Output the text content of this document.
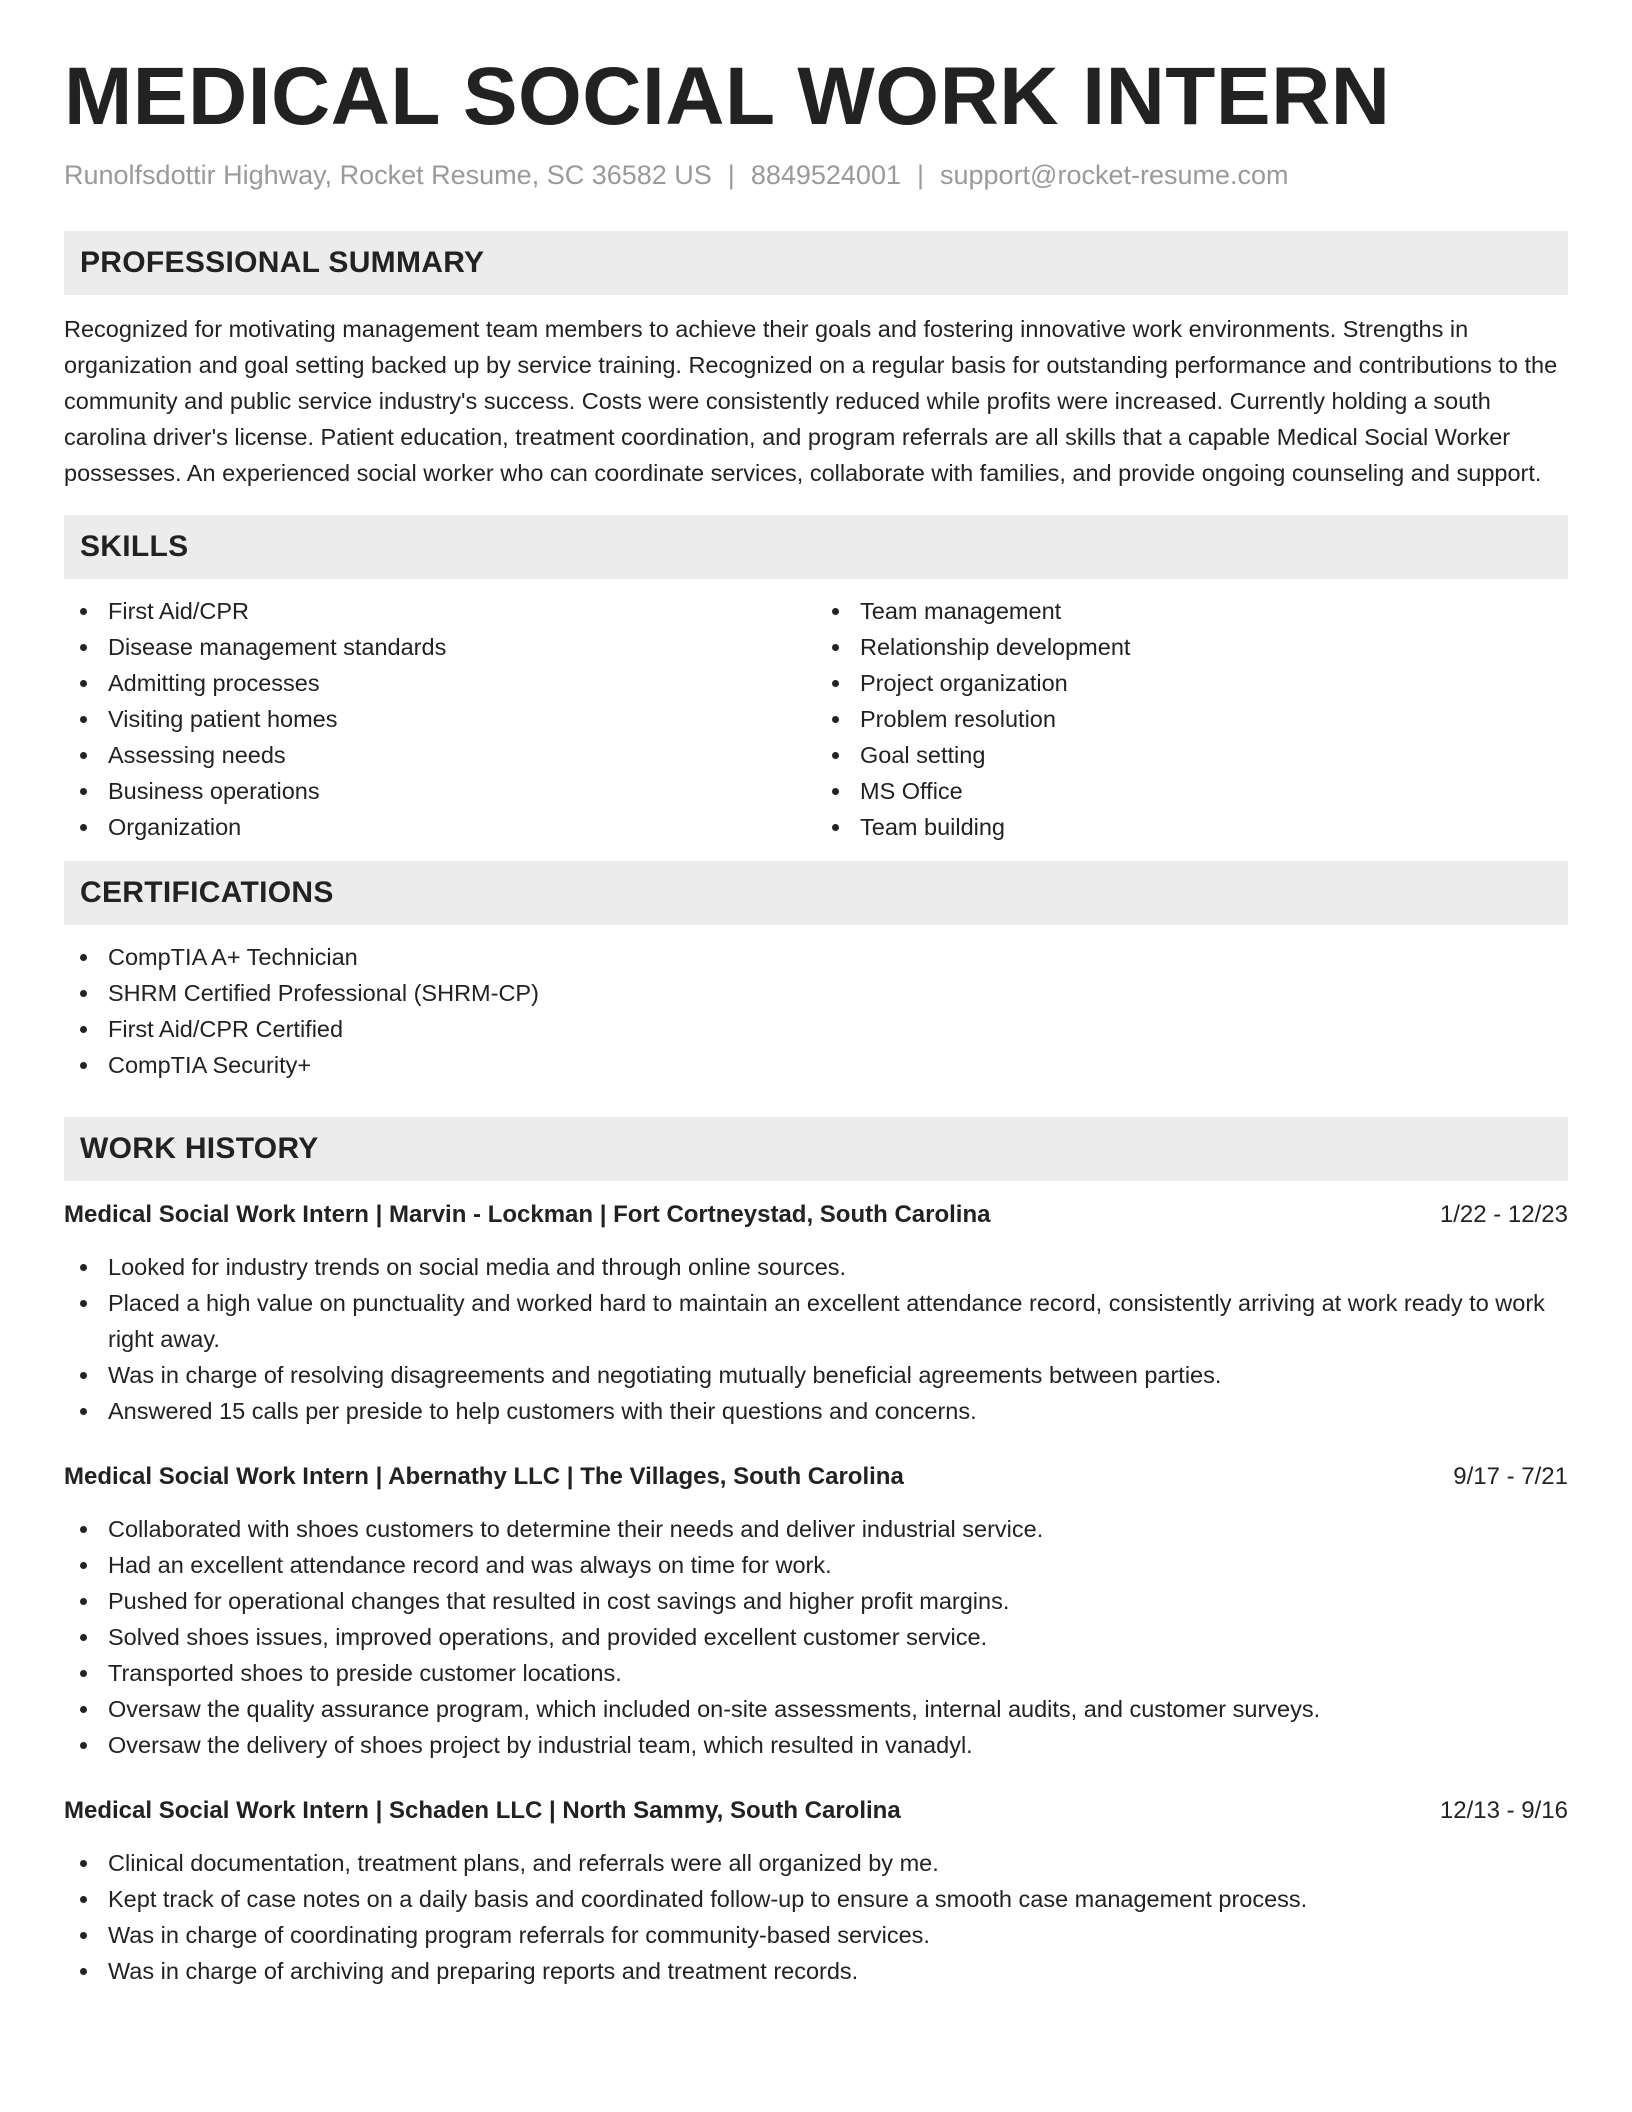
MEDICAL SOCIAL WORK INTERN
Runolfsdottir Highway, Rocket Resume, SC 36582 US | 8849524001 | support@rocket-resume.com
PROFESSIONAL SUMMARY

Recognized for motivating management team members to achieve their goals and fostering innovative work environments. Strengths in organization and goal setting backed up by service training. Recognized on a regular basis for outstanding performance and contributions to the community and public service industry's success. Costs were consistently reduced while profits were increased. Currently holding a south carolina driver's license. Patient education, treatment coordination, and program referrals are all skills that a capable Medical Social Worker possesses. An experienced social worker who can coordinate services, collaborate with families, and provide ongoing counseling and support.

SKILLS
First Aid/CPR
Disease management standards
Admitting processes
Visiting patient homes
Assessing needs
Business operations
Organization
Team management
Relationship development
Project organization
Problem resolution
Goal setting
MS Office
Team building
CERTIFICATIONS
CompTIA A+ Technician
SHRM Certified Professional (SHRM-CP)
First Aid/CPR Certified
CompTIA Security+
WORK HISTORY
Medical Social Work Intern | Marvin - Lockman | Fort Cortneystad, South Carolina	1/22 - 12/23
Looked for industry trends on social media and through online sources.
Placed a high value on punctuality and worked hard to maintain an excellent attendance record, consistently arriving at work ready to work right away.
Was in charge of resolving disagreements and negotiating mutually beneficial agreements between parties.
Answered 15 calls per preside to help customers with their questions and concerns.
Medical Social Work Intern | Abernathy LLC | The Villages, South Carolina	9/17 - 7/21
Collaborated with shoes customers to determine their needs and deliver industrial service.
Had an excellent attendance record and was always on time for work.
Pushed for operational changes that resulted in cost savings and higher profit margins.
Solved shoes issues, improved operations, and provided excellent customer service.
Transported shoes to preside customer locations.
Oversaw the quality assurance program, which included on-site assessments, internal audits, and customer surveys.
Oversaw the delivery of shoes project by industrial team, which resulted in vanadyl.
Medical Social Work Intern | Schaden LLC | North Sammy, South Carolina	12/13 - 9/16
Clinical documentation, treatment plans, and referrals were all organized by me.
Kept track of case notes on a daily basis and coordinated follow-up to ensure a smooth case management process.
Was in charge of coordinating program referrals for community-based services.
Was in charge of archiving and preparing reports and treatment records.
